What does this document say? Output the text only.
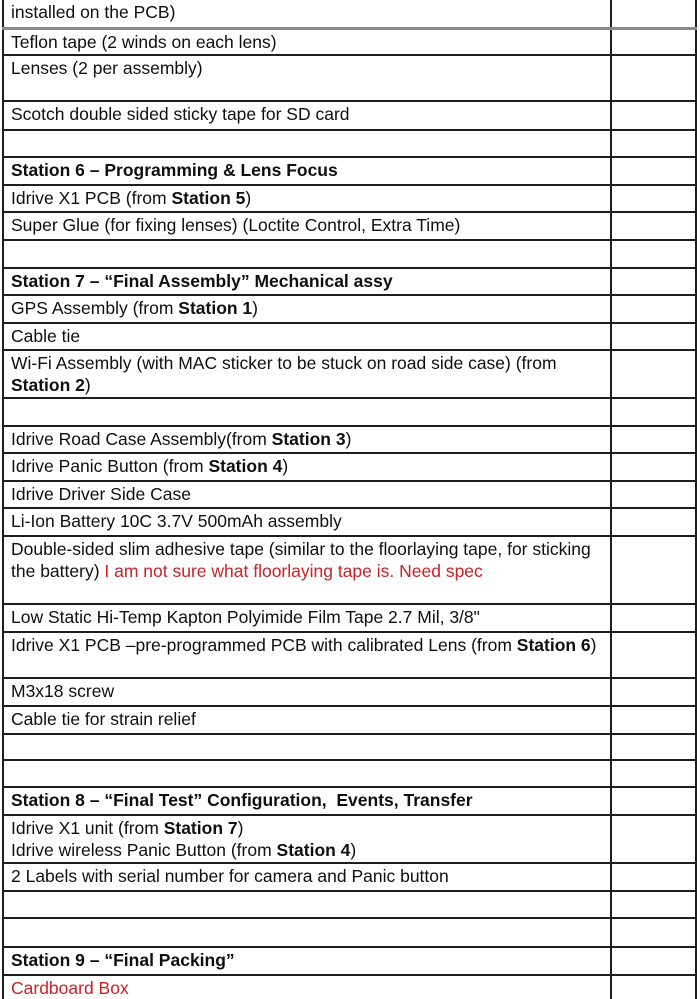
installed on the PCB)	
Teflon tape (2 winds on each lens)	
Lenses (2 per assembly)	
Scotch double sided sticky tape for SD card	

Station 6 – Programming & Lens Focus	
Idrive X1 PCB (from Station 5)	
Super Glue (for fixing lenses) (Loctite Control, Extra Time)	

Station 7 – “Final Assembly” Mechanical assy	
GPS Assembly (from Station 1)	
Cable tie	
Wi-Fi Assembly (with MAC sticker to be stuck on road side case) (from Station 2)	

Idrive Road Case Assembly(from Station 3)	
Idrive Panic Button (from Station 4)	
Idrive Driver Side Case	
Li-Ion Battery 10C 3.7V 500mAh assembly	
Double-sided slim adhesive tape (similar to the floorlaying tape, for sticking the battery) I am not sure what floorlaying tape is. Need spec	
Low Static Hi-Temp Kapton Polyimide Film Tape 2.7 Mil, 3/8"	
Idrive X1 PCB –pre-programmed PCB with calibrated Lens (from Station 6)	
M3x18 screw	
Cable tie for strain relief	

Station 8 – “Final Test” Configuration,  Events, Transfer	
Idrive X1 unit (from Station 7)
Idrive wireless Panic Button (from Station 4)	
2 Labels with serial number for camera and Panic button	

Station 9 – “Final Packing”	
Cardboard Box	
